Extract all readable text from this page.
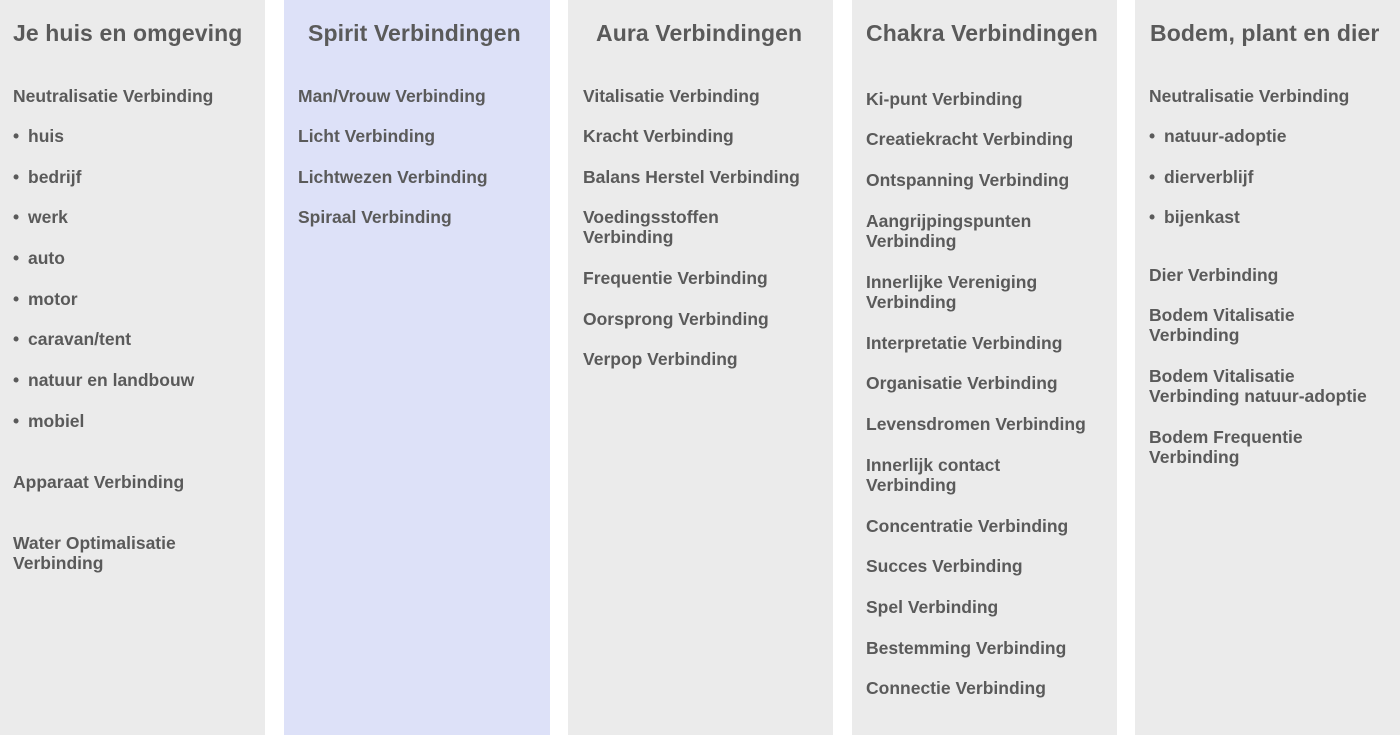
Je huis en omgeving
Neutralisatie Verbinding
• huis
• bedrijf
• werk
• auto
• motor
• caravan/tent
• natuur en landbouw
• mobiel
Apparaat Verbinding
Water Optimalisatie
Verbinding
Spirit Verbindingen
Man/Vrouw Verbinding
Licht Verbinding
Lichtwezen Verbinding
Spiraal Verbinding
Aura Verbindingen
Vitalisatie Verbinding
Kracht Verbinding
Balans Herstel Verbinding
Voedingsstoffen
Verbinding
Frequentie Verbinding
Oorsprong Verbinding
Verpop Verbinding
Chakra Verbindingen
Ki-punt Verbinding
Creatiekracht Verbinding
Ontspanning Verbinding
Aangrijpingspunten
Verbinding
Innerlijke Vereniging
Verbinding
Interpretatie Verbinding
Organisatie Verbinding
Levensdromen Verbinding
Innerlijk contact
Verbinding
Concentratie Verbinding
Succes Verbinding
Spel Verbinding
Bestemming Verbinding
Connectie Verbinding
Bodem, plant en dier
Neutralisatie Verbinding
• natuur-adoptie
• dierverblijf
• bijenkast
Dier Verbinding
Bodem Vitalisatie
Verbinding
Bodem Vitalisatie
Verbinding natuur-adoptie
Bodem Frequentie
Verbinding
